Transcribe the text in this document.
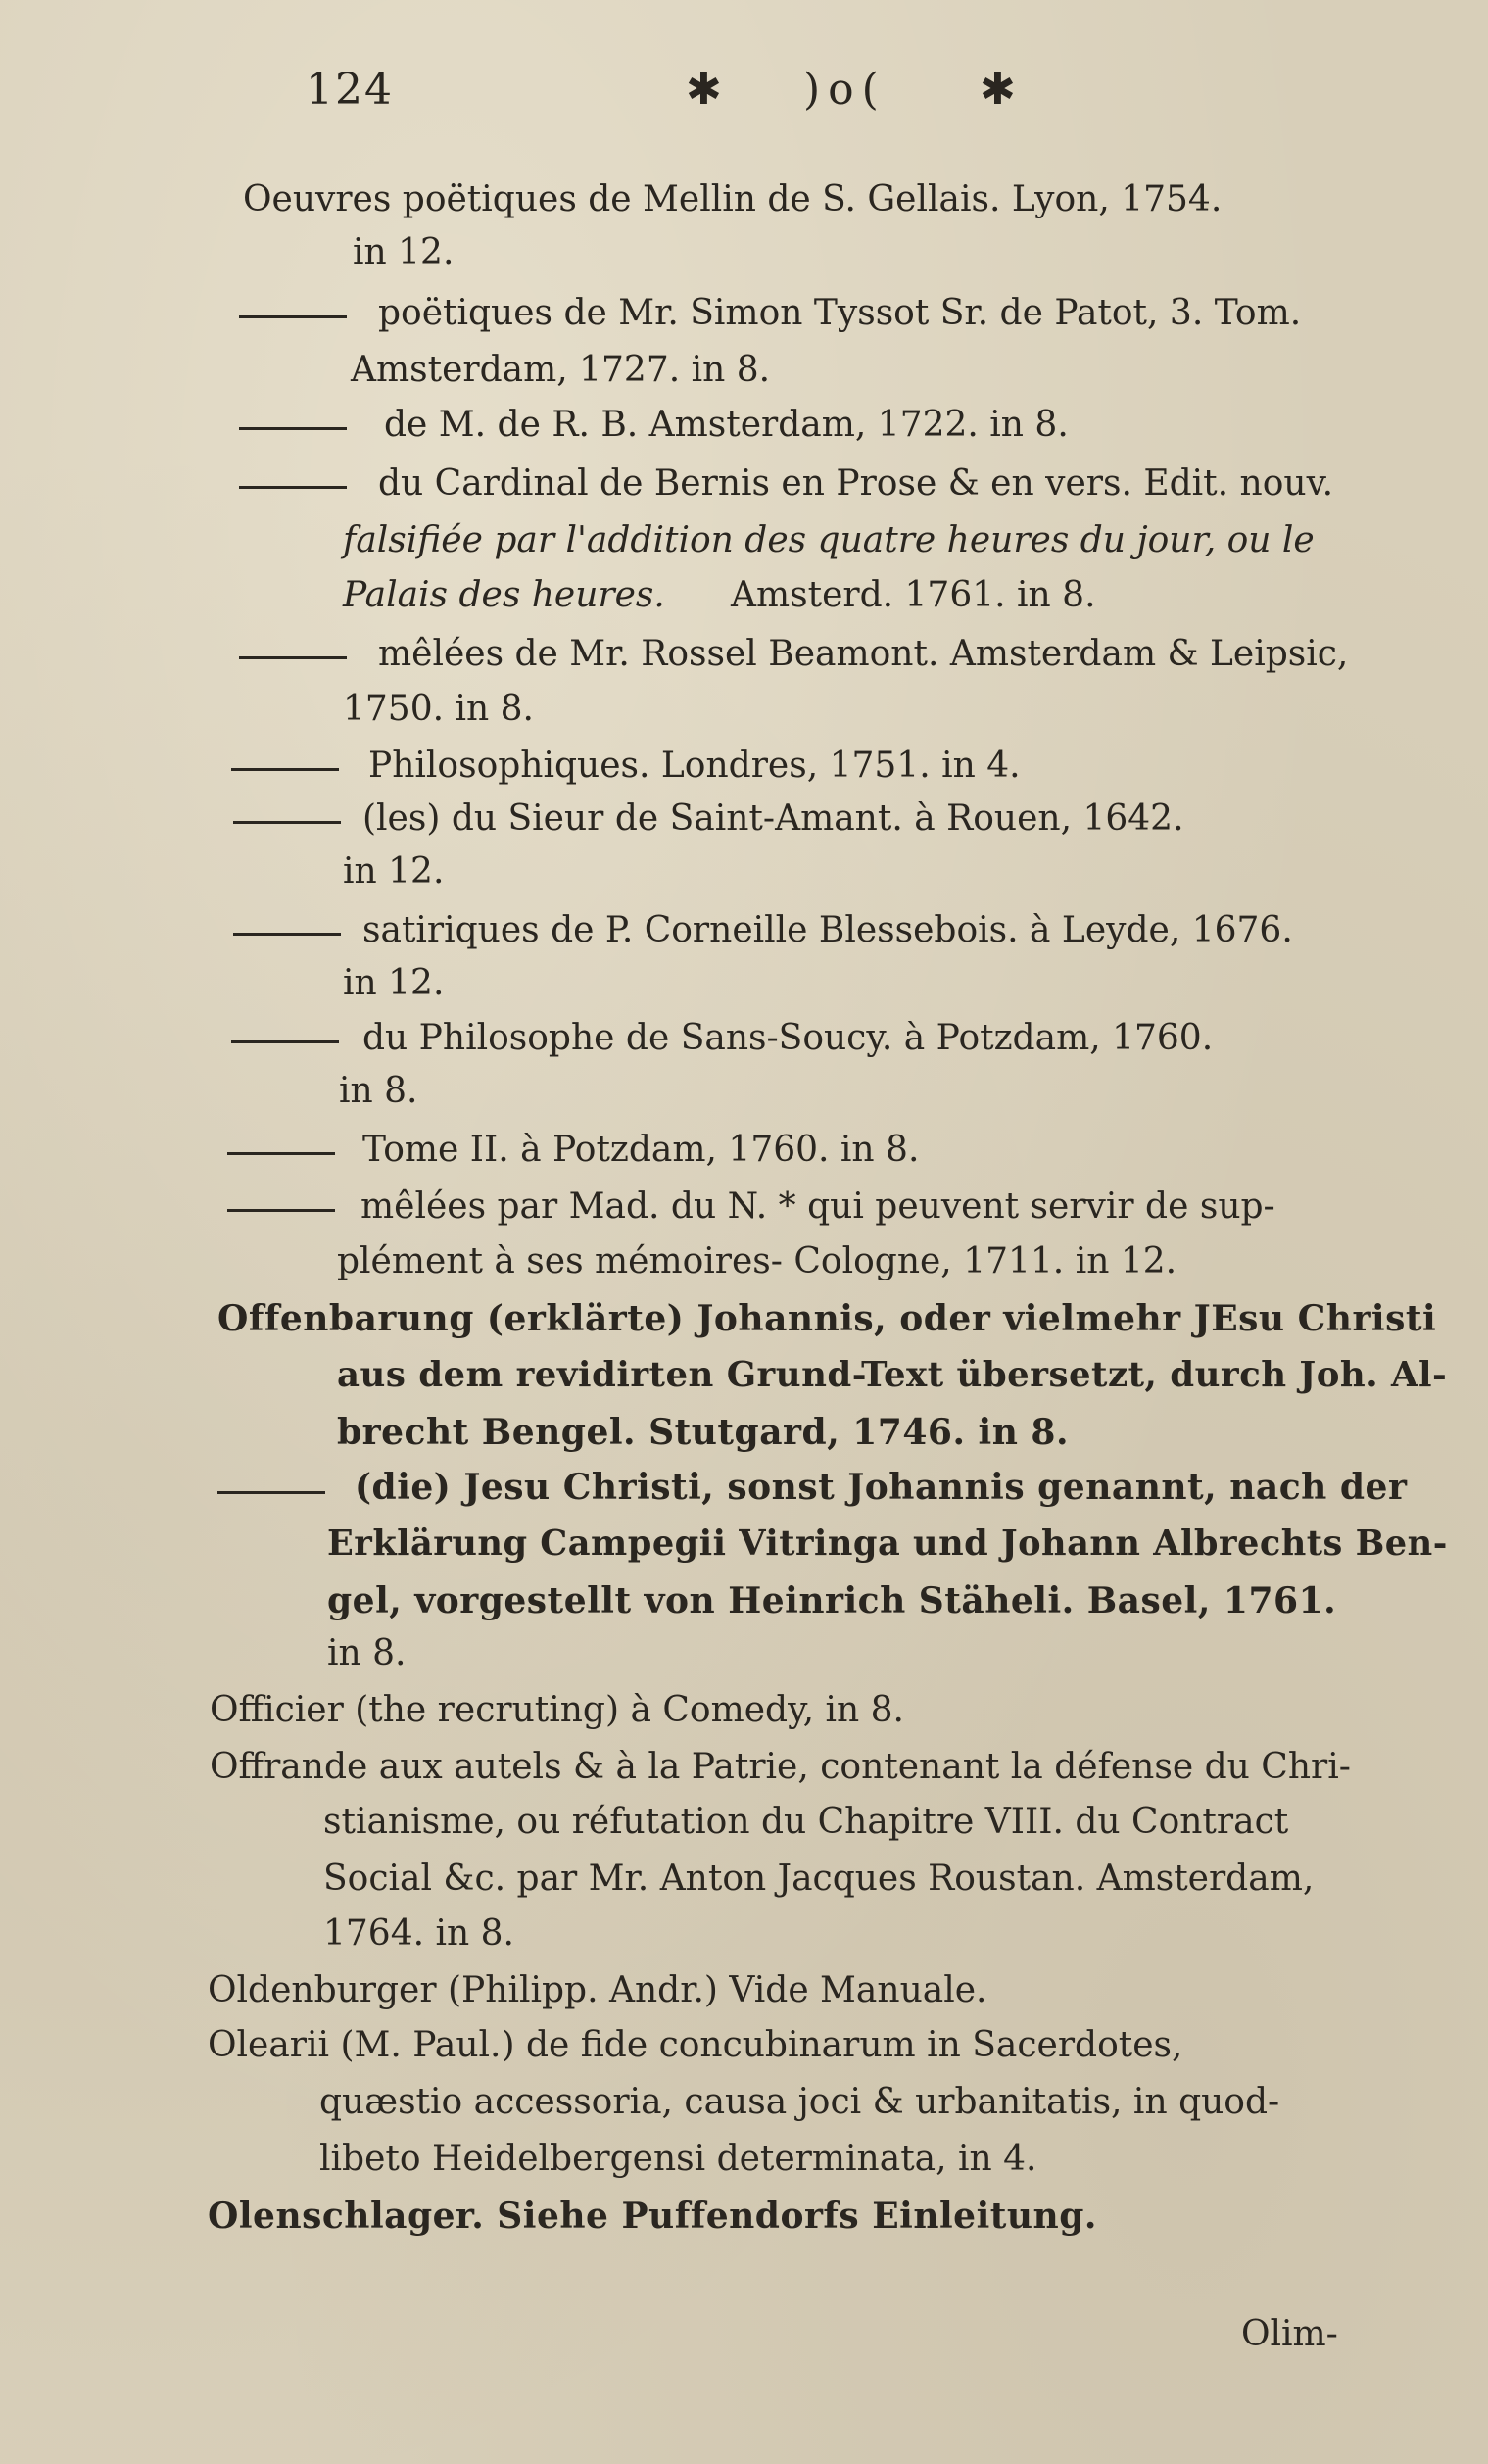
124	✱ )o( ✱
Oeuvres poëtiques de Mellin de S. Gellais. Lyon, 1754.
in 12.
poëtiques de Mr. Simon Tyssot Sr. de Patot, 3. Tom.
Amsterdam, 1727. in 8.
de M. de R. B. Amsterdam, 1722. in 8.
du Cardinal de Bernis en Prose & en vers. Edit. nouv.
falsifiée par l'addition des quatre heures du jour, ou le
Palais des heures. Amsterd. 1761. in 8.
mêlées de Mr. Rossel Beamont. Amsterdam & Leipsic,
1750. in 8.
Philosophiques. Londres, 1751. in 4.
(les) du Sieur de Saint-Amant. à Rouen, 1642.
in 12.
satiriques de P. Corneille Blessebois. à Leyde, 1676.
in 12.
du Philosophe de Sans-Soucy. à Potzdam, 1760.
in 8.
Tome II. à Potzdam, 1760. in 8.
mêlées par Mad. du N. * qui peuvent servir de sup-
plément à ses mémoires- Cologne, 1711. in 12.
Offenbarung (erklärte) Johannis, oder vielmehr JEsu Christi
aus dem revidirten Grund-Text übersetzt, durch Joh. Al-
brecht Bengel. Stutgard, 1746. in 8.
(die) Jesu Christi, sonst Johannis genannt, nach der
Erklärung Campegii Vitringa und Johann Albrechts Ben-
gel, vorgestellt von Heinrich Stäheli. Basel, 1761.
in 8.
Officier (the recruting) à Comedy, in 8.
Offrande aux autels & à la Patrie, contenant la défense du Chri-
stianisme, ou réfutation du Chapitre VIII. du Contract
Social &c. par Mr. Anton Jacques Roustan. Amsterdam,
1764. in 8.
Oldenburger (Philipp. Andr.) Vide Manuale.
Olearii (M. Paul.) de fide concubinarum in Sacerdotes,
quæstio accessoria, causa joci & urbanitatis, in quod-
libeto Heidelbergensi determinata, in 4.
Olenschlager. Siehe Puffendorfs Einleitung.
Olim-
